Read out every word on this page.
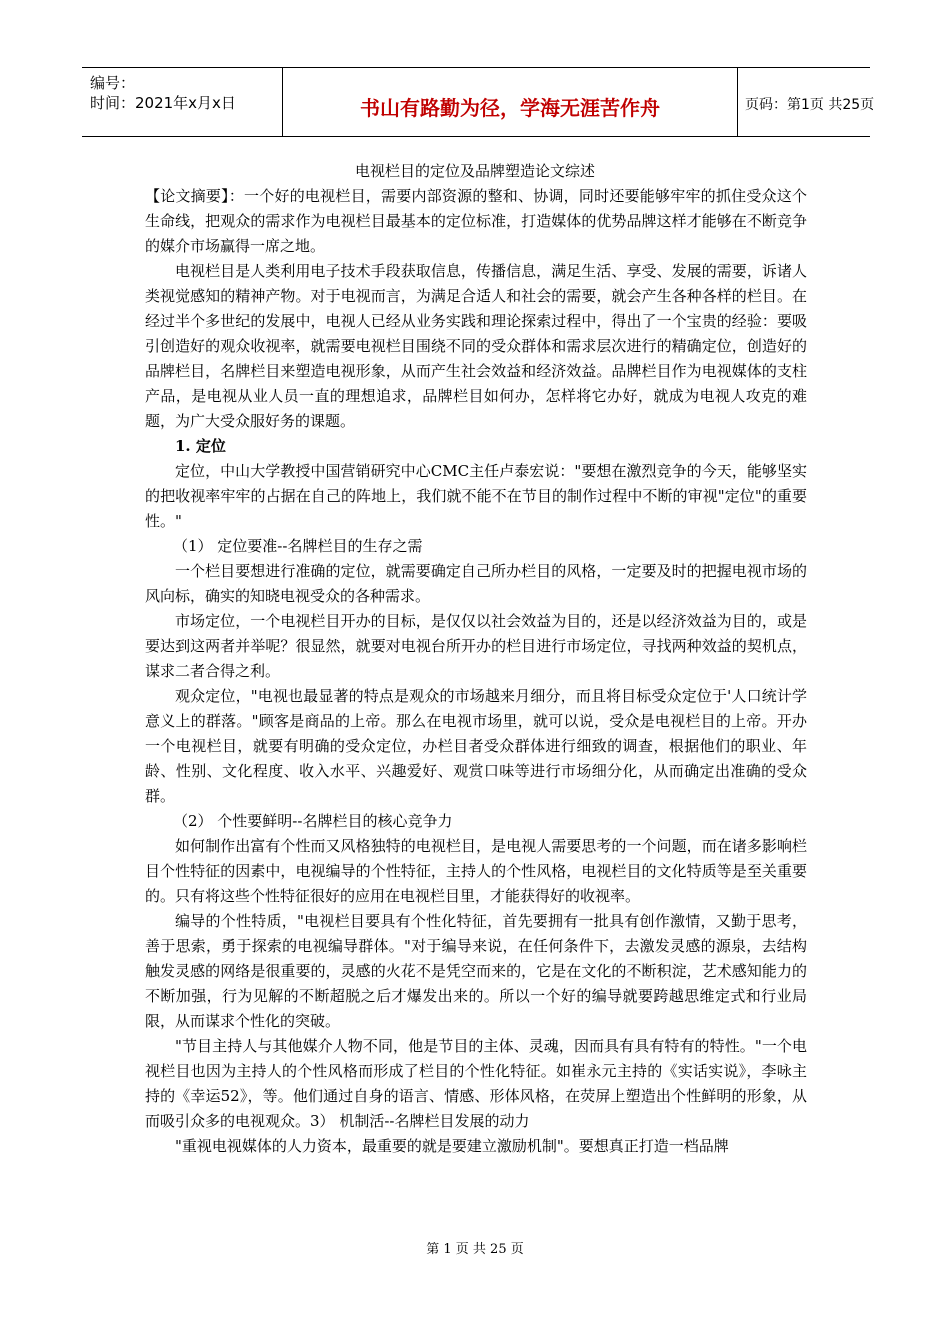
编号：
时间：2021年x月x日	书山有路勤为径，学海无涯苦作舟	页码：第1页 共25页
电视栏目的定位及品牌塑造论文综述

【论文摘要】：一个好的电视栏目，需要内部资源的整和、协调，同时还要能够牢牢的抓住受众这个生命线，把观众的需求作为电视栏目最基本的定位标准，打造媒体的优势品牌这样才能够在不断竞争的媒介市场赢得一席之地。

电视栏目是人类利用电子技术手段获取信息，传播信息，满足生活、享受、发展的需要，诉诸人类视觉感知的精神产物。对于电视而言，为满足合适人和社会的需要，就会产生各种各样的栏目。在经过半个多世纪的发展中，电视人已经从业务实践和理论探索过程中，得出了一个宝贵的经验：要吸引创造好的观众收视率，就需要电视栏目围绕不同的受众群体和需求层次进行的精确定位，创造好的品牌栏目，名牌栏目来塑造电视形象，从而产生社会效益和经济效益。品牌栏目作为电视媒体的支柱产品，是电视从业人员一直的理想追求，品牌栏目如何办，怎样将它办好，就成为电视人攻克的难题，为广大受众服好务的课题。

1. 定位

定位，中山大学教授中国营销研究中心CMC主任卢泰宏说："要想在激烈竞争的今天，能够坚实的把收视率牢牢的占据在自己的阵地上，我们就不能不在节目的制作过程中不断的审视"定位"的重要性。"

（1） 定位要准--名牌栏目的生存之需

一个栏目要想进行准确的定位，就需要确定自己所办栏目的风格，一定要及时的把握电视市场的风向标，确实的知晓电视受众的各种需求。

市场定位，一个电视栏目开办的目标，是仅仅以社会效益为目的，还是以经济效益为目的，或是要达到这两者并举呢？很显然，就要对电视台所开办的栏目进行市场定位，寻找两种效益的契机点，谋求二者合得之利。

观众定位，"电视也最显著的特点是观众的市场越来月细分，而且将目标受众定位于'人口统计学意义上的群落。"顾客是商品的上帝。那么在电视市场里，就可以说，受众是电视栏目的上帝。开办一个电视栏目，就要有明确的受众定位，办栏目者受众群体进行细致的调查，根据他们的职业、年龄、性别、文化程度、收入水平、兴趣爱好、观赏口味等进行市场细分化，从而确定出准确的受众群。

（2） 个性要鲜明--名牌栏目的核心竞争力

如何制作出富有个性而又风格独特的电视栏目，是电视人需要思考的一个问题，而在诸多影响栏目个性特征的因素中，电视编导的个性特征，主持人的个性风格，电视栏目的文化特质等是至关重要的。只有将这些个性特征很好的应用在电视栏目里，才能获得好的收视率。

编导的个性特质，"电视栏目要具有个性化特征，首先要拥有一批具有创作激情，又勤于思考，善于思索，勇于探索的电视编导群体。"对于编导来说，在任何条件下，去激发灵感的源泉，去结构触发灵感的网络是很重要的，灵感的火花不是凭空而来的，它是在文化的不断积淀，艺术感知能力的不断加强，行为见解的不断超脱之后才爆发出来的。所以一个好的编导就要跨越思维定式和行业局限，从而谋求个性化的突破。

"节目主持人与其他媒介人物不同，他是节目的主体、灵魂，因而具有具有特有的特性。"一个电视栏目也因为主持人的个性风格而形成了栏目的个性化特征。如崔永元主持的《实话实说》，李咏主持的《幸运52》，等。他们通过自身的语言、情感、形体风格，在荧屏上塑造出个性鲜明的形象，从而吸引众多的电视观众。3） 机制活--名牌栏目发展的动力

"重视电视媒体的人力资本，最重要的就是要建立激励机制"。要想真正打造一档品牌

第 1 页 共 25 页
